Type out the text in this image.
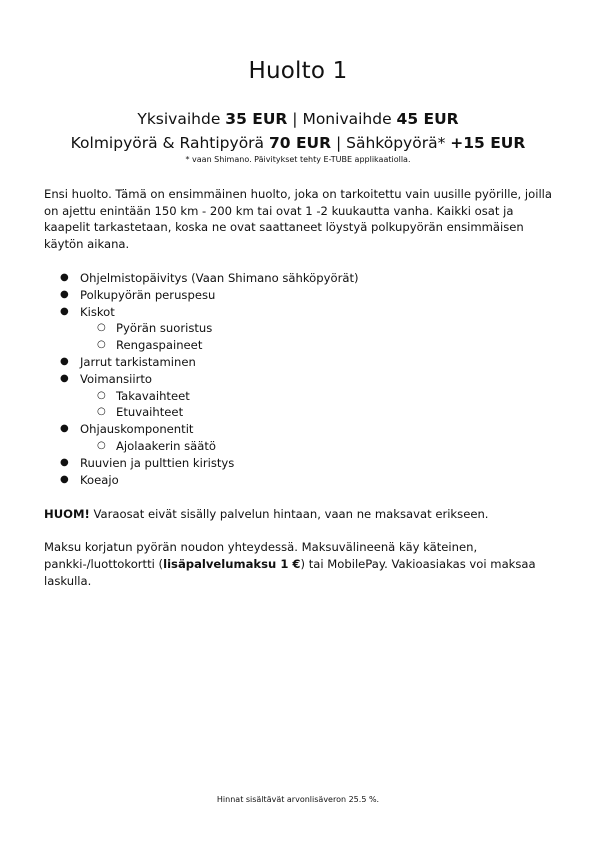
Huolto 1

Yksivaihde 35 EUR | Monivaihde 45 EUR

Kolmipyörä & Rahtipyörä 70 EUR | Sähköpyörä* +15 EUR

* vaan Shimano. Päivitykset tehty E-TUBE applikaatiolla.

Ensi huolto. Tämä on ensimmäinen huolto, joka on tarkoitettu vain uusille pyörille, joilla on ajettu enintään 150 km - 200 km tai ovat 1 -2 kuukautta vanha. Kaikki osat ja kaapelit tarkastetaan, koska ne ovat saattaneet löystyä polkupyörän ensimmäisen käytön aikana.

● Ohjelmistopäivitys (Vaan Shimano sähköpyörät)
● Polkupyörän peruspesu
● Kiskot
○ Pyörän suoristus
○ Rengaspaineet
● Jarrut tarkistaminen
● Voimansiirto
○ Takavaihteet
○ Etuvaihteet
● Ohjauskomponentit
○ Ajolaakerin säätö
● Ruuvien ja pulttien kiristys
● Koeajo

HUOM! Varaosat eivät sisälly palvelun hintaan, vaan ne maksavat erikseen.

Maksu korjatun pyörän noudon yhteydessä. Maksuvälineenä käy käteinen, pankki-/luottokortti (lisäpalvelumaksu 1 €) tai MobilePay. Vakioasiakas voi maksaa laskulla.

Hinnat sisältävät arvonlisäveron 25.5 %.
